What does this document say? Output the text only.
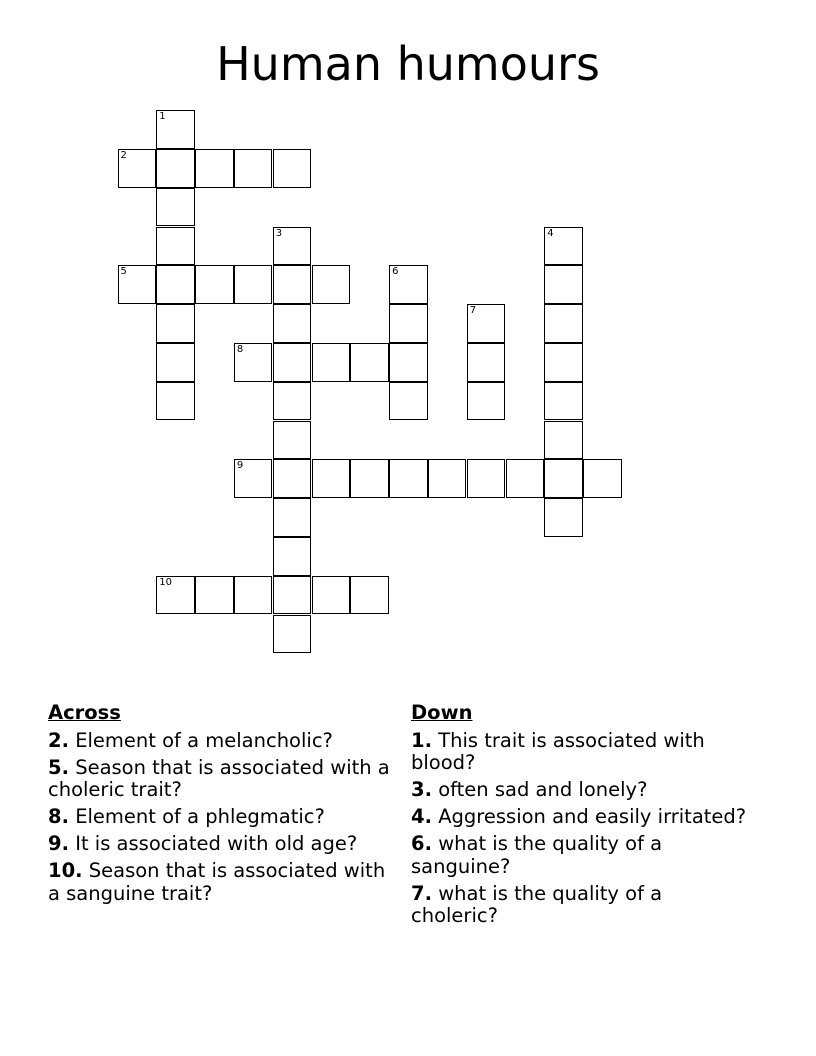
Human humours
1
2
3	4
5	6
7
8
9
10
Across
2. Element of a melancholic?
5. Season that is associated with a choleric trait?
8. Element of a phlegmatic?
9. It is associated with old age?
10. Season that is associated with a sanguine trait?
Down
1. This trait is associated with blood?
3. often sad and lonely?
4. Aggression and easily irritated?
6. what is the quality of a sanguine?
7. what is the quality of a choleric?
